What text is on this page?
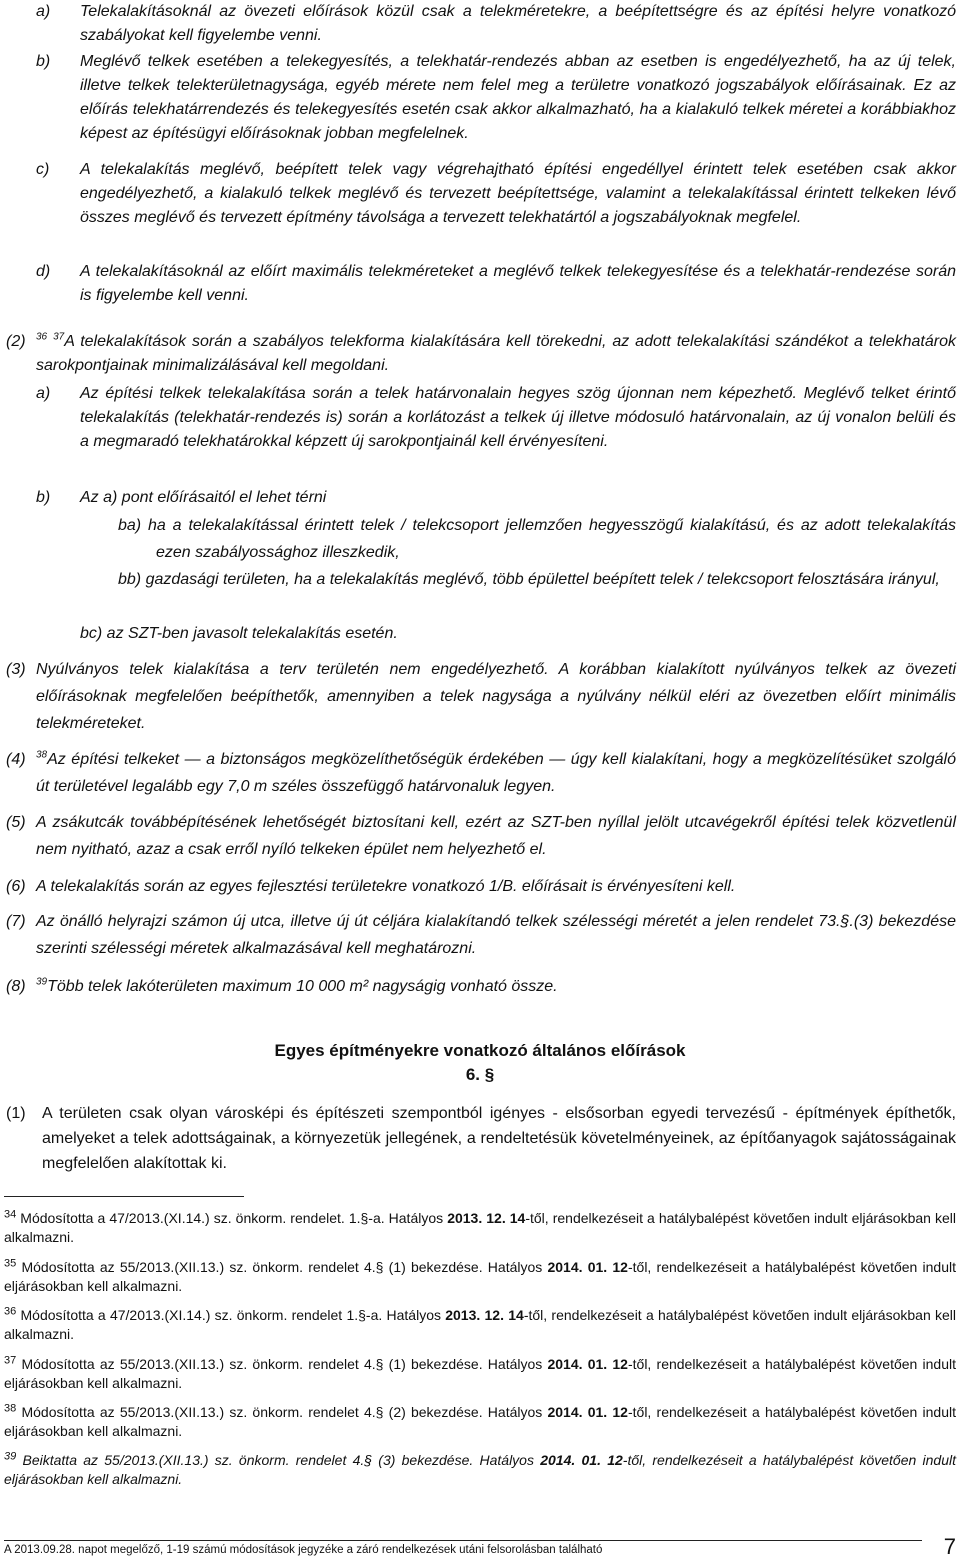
a)	Telekalakításoknál az övezeti előírások közül csak a telekméretekre, a beépítettségre és az építési helyre vonatkozó szabályokat kell figyelembe venni.
b)	Meglévő telkek esetében a telekegyesítés, a telekhatár-rendezés abban az esetben is engedélyezhető, ha az új telek, illetve telkek telekterületnagysága, egyéb mérete nem felel meg a területre vonatkozó jogszabályok előírásainak. Ez az előírás telekhatárrendezés és telekegyesítés esetén csak akkor alkalmazható, ha a kialakuló telkek méretei a korábbiakhoz képest az építésügyi előírásoknak jobban megfelelnek.
c)	A telekalakítás meglévő, beépített telek vagy végrehajtható építési engedéllyel érintett telek esetében csak akkor engedélyezhető, a kialakuló telkek meglévő és tervezett beépítettsége, valamint a telekalakítással érintett telkeken lévő összes meglévő és tervezett építmény távolsága a tervezett telekhatártól a jogszabályoknak megfelel.
d)	A telekalakításoknál az előírt maximális telekméreteket a meglévő telkek telekegyesítése és a telekhatár-rendezése során is figyelembe kell venni.
(2)	$^{36}$ $^{37}$A telekalakítások során a szabályos telekforma kialakítására kell törekedni, az adott telekalakítási szándékot a telekhatárok sarokpontjainak minimalizálásával kell megoldani.
a)	Az építési telkek telekalakítása során a telek határvonalain hegyes szög újonnan nem képezhető. Meglévő telket érintő telekalakítás (telekhatár-rendezés is) során a korlátozást a telkek új illetve módosuló határvonalain, az új vonalon belüli és a megmaradó telekhatárokkal képzett új sarokpontjainál kell érvényesíteni.
b)	Az a) pont előírásaitól el lehet térni
ba) ha a telekalakítással érintett telek / telekcsoport jellemzően hegyesszögű kialakítású, és az adott telekalakítás ezen szabályossághoz illeszkedik,
bb) gazdasági területen, ha a telekalakítás meglévő, több épülettel beépített telek / telekcsoport felosztására irányul,
bc) az SZT-ben javasolt telekalakítás esetén.
(3) Nyúlványos telek kialakítása a terv területén nem engedélyezhető. A korábban kialakított nyúlványos telkek az övezeti előírásoknak megfelelően beépíthetők, amennyiben a telek nagysága a nyúlvány nélkül eléri az övezetben előírt minimális telekméreteket.
(4)	$^{38}$Az építési telkeket — a biztonságos megközelíthetőségük érdekében — úgy kell kialakítani, hogy a megközelítésüket szolgáló út területével legalább egy 7,0 m széles összefüggő határvonaluk legyen.
(5) A zsákutcák továbbépítésének lehetőségét biztosítani kell, ezért az SZT-ben nyíllal jelölt utcavégekről építési telek közvetlenül nem nyitható, azaz a csak erről nyíló telkeken épület nem helyezhető el.
(6) A telekalakítás során az egyes fejlesztési területekre vonatkozó 1/B. előírásait is érvényesíteni kell.
(7) Az önálló helyrajzi számon új utca, illetve új út céljára kialakítandó telkek szélességi méretét a jelen rendelet 73.§.(3) bekezdése szerinti szélességi méretek alkalmazásával kell meghatározni.
(8)	$^{39}$Több telek lakóterületen maximum 10 000 m² nagyságig vonható össze.
Egyes építményekre vonatkozó általános előírások
6. §
(1)	A területen csak olyan városképi és építészeti szempontból igényes - elsősorban egyedi tervezésű - építmények építhetők, amelyeket a telek adottságainak, a környezetük jellegének, a rendeltetésük követelményeinek, az építőanyagok sajátosságainak megfelelően alakítottak ki.
$^{34}$ Módosította a 47/2013.(XI.14.) sz. önkorm. rendelet. 1.§-a. Hatályos 2013. 12. 14-től, rendelkezéseit a hatálybalépést követően indult eljárásokban kell alkalmazni.
$^{35}$ Módosította az 55/2013.(XII.13.) sz. önkorm. rendelet 4.§ (1) bekezdése. Hatályos 2014. 01. 12-től, rendelkezéseit a hatálybalépést követően indult eljárásokban kell alkalmazni.
$^{36}$ Módosította a 47/2013.(XI.14.) sz. önkorm. rendelet 1.§-a. Hatályos 2013. 12. 14-től, rendelkezéseit a hatálybalépést követően indult eljárásokban kell alkalmazni.
$^{37}$ Módosította az 55/2013.(XII.13.) sz. önkorm. rendelet 4.§ (1) bekezdése. Hatályos 2014. 01. 12-től, rendelkezéseit a hatálybalépést követően indult eljárásokban kell alkalmazni.
$^{38}$ Módosította az 55/2013.(XII.13.) sz. önkorm. rendelet 4.§ (2) bekezdése. Hatályos 2014. 01. 12-től, rendelkezéseit a hatálybalépést követően indult eljárásokban kell alkalmazni.
$^{39}$ Beiktatta az 55/2013.(XII.13.) sz. önkorm. rendelet 4.§ (3) bekezdése. Hatályos 2014. 01. 12-től, rendelkezéseit a hatálybalépést követően indult eljárásokban kell alkalmazni.
A 2013.09.28. napot megelőző, 1-19 számú módosítások jegyzéke a záró rendelkezések utáni felsorolásban található	7
